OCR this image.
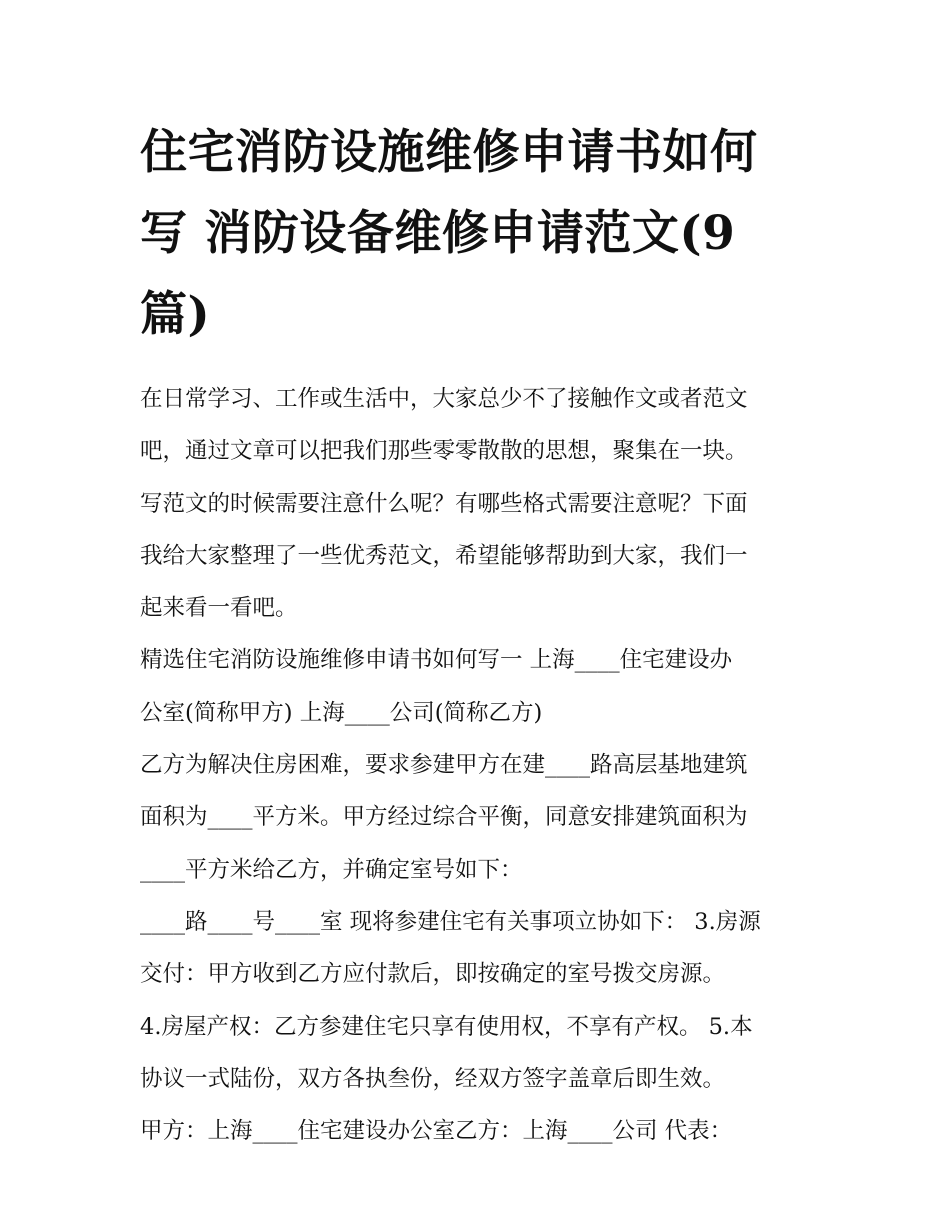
住宅消防设施维修申请书如何
写 消防设备维修申请范文(9
篇)
在日常学习、工作或生活中，大家总少不了接触作文或者范文
吧，通过文章可以把我们那些零零散散的思想，聚集在一块。
写范文的时候需要注意什么呢？有哪些格式需要注意呢？下面
我给大家整理了一些优秀范文，希望能够帮助到大家，我们一
起来看一看吧。
精选住宅消防设施维修申请书如何写一 上海____住宅建设办
公室(简称甲方) 上海____公司(简称乙方)
乙方为解决住房困难，要求参建甲方在建____路高层基地建筑
面积为____平方米。甲方经过综合平衡，同意安排建筑面积为
____平方米给乙方，并确定室号如下：
____路____号____室 现将参建住宅有关事项立协如下： 3.房源
交付：甲方收到乙方应付款后，即按确定的室号拨交房源。
4.房屋产权：乙方参建住宅只享有使用权，不享有产权。 5.本
协议一式陆份，双方各执叁份，经双方签字盖章后即生效。
甲方：上海____住宅建设办公室乙方：上海____公司 代表：
